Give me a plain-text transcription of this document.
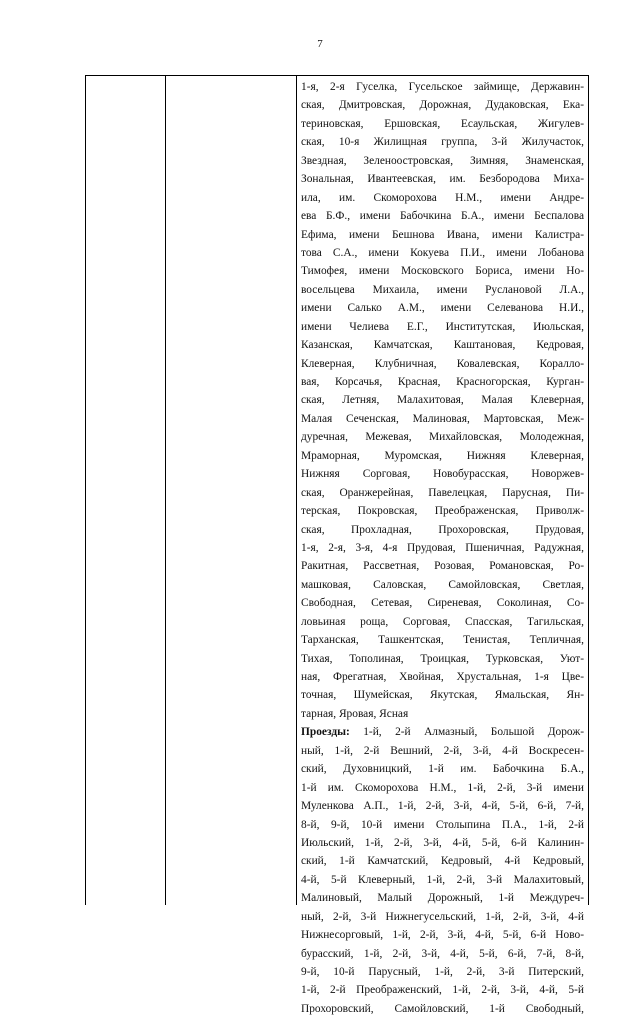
7
1-я, 2-я Гуселка, Гусельское займище, Державин-
ская, Дмитровская, Дорожная, Дудаковская, Ека-
териновская, Ершовская, Есаульская, Жигулев-
ская, 10-я Жилищная группа, 3-й Жилучасток,
Звездная, Зеленоостровская, Зимняя, Знаменская,
Зональная, Ивантеевская, им. Безбородова Миха-
ила, им. Скоморохова Н.М., имени Андре-
ева Б.Ф., имени Бабочкина Б.А., имени Беспалова
Ефима, имени Бешнова Ивана, имени Калистра-
това С.А., имени Кокуева П.И., имени Лобанова
Тимофея, имени Московского Бориса, имени Но-
восельцева Михаила, имени Руслановой Л.А.,
имени Салько А.М., имени Селеванова Н.И.,
имени Челиева Е.Г., Институтская, Июльская,
Казанская, Камчатская, Каштановая, Кедровая,
Клеверная, Клубничная, Ковалевская, Коралло-
вая, Корсачья, Красная, Красногорская, Курган-
ская, Летняя, Малахитовая, Малая Клеверная,
Малая Сеченская, Малиновая, Мартовская, Меж-
дуречная, Межевая, Михайловская, Молодежная,
Мраморная, Муромская, Нижняя Клеверная,
Нижняя Сорговая, Новобурасская, Новоржев-
ская, Оранжерейная, Павелецкая, Парусная, Пи-
терская, Покровская, Преображенская, Приволж-
ская, Прохладная, Прохоровская, Прудовая,
1-я, 2-я, 3-я, 4-я Прудовая, Пшеничная, Радужная,
Ракитная, Рассветная, Розовая, Романовская, Ро-
машковая, Саловская, Самойловская, Светлая,
Свободная, Сетевая, Сиреневая, Соколиная, Со-
ловьиная роща, Сорговая, Спасская, Тагильская,
Тарханская, Ташкентская, Тенистая, Тепличная,
Тихая, Тополиная, Троицкая, Турковская, Уют-
ная, Фрегатная, Хвойная, Хрустальная, 1-я Цве-
точная, Шумейская, Якутская, Ямальская, Ян-
тарная, Яровая, Ясная
Проезды: 1-й, 2-й Алмазный, Большой Дорож-
ный, 1-й, 2-й Вешний, 2-й, 3-й, 4-й Воскресен-
ский, Духовницкий, 1-й им. Бабочкина Б.А.,
1-й им. Скоморохова Н.М., 1-й, 2-й, 3-й имени
Муленкова А.П., 1-й, 2-й, 3-й, 4-й, 5-й, 6-й, 7-й,
8-й, 9-й, 10-й имени Столыпина П.А., 1-й, 2-й
Июльский, 1-й, 2-й, 3-й, 4-й, 5-й, 6-й Калинин-
ский, 1-й Камчатский, Кедровый, 4-й Кедровый,
4-й, 5-й Клеверный, 1-й, 2-й, 3-й Малахитовый,
Малиновый, Малый Дорожный, 1-й Междуреч-
ный, 2-й, 3-й Нижнегусельский, 1-й, 2-й, 3-й, 4-й
Нижнесорговый, 1-й, 2-й, 3-й, 4-й, 5-й, 6-й Ново-
бурасский, 1-й, 2-й, 3-й, 4-й, 5-й, 6-й, 7-й, 8-й,
9-й, 10-й Парусный, 1-й, 2-й, 3-й Питерский,
1-й, 2-й Преображенский, 1-й, 2-й, 3-й, 4-й, 5-й
Прохоровский, Самойловский, 1-й Свободный,
